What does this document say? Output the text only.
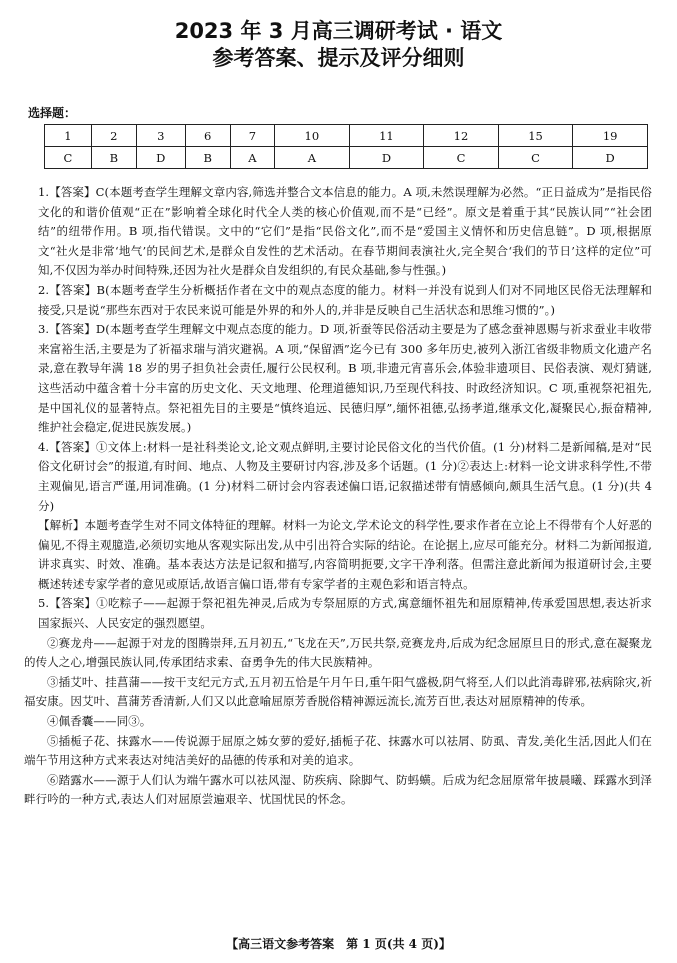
2023 年 3 月高三调研考试 · 语文
参考答案、提示及评分细则
选择题：
1	2	3	6	7	10	11	12	15	19
C	B	D	B	A	A	D	C	C	D

1.【答案】C(本题考查学生理解文章内容,筛选并整合文本信息的能力。A 项,未然误理解为必然。“正日益成为”是指民俗文化的和谐价值观“正在”影响着全球化时代全人类的核心价值观,而不是“已经”。原文是着重于其“民族认同”“社会团结”的纽带作用。B 项,指代错误。文中的“它们”是指“民俗文化”,而不是“爱国主义情怀和历史信息链”。D 项,根据原文“社火是非常‘地气’的民间艺术,是群众自发性的艺术活动。在春节期间表演社火,完全契合‘我们的节日’这样的定位”可知,不仅因为举办时间特殊,还因为社火是群众自发组织的,有民众基础,参与性强。)

2.【答案】B(本题考查学生分析概括作者在文中的观点态度的能力。材料一并没有说到人们对不同地区民俗无法理解和接受,只是说“那些东西对于农民来说可能是外界的和外人的,并非是反映自己生活状态和思维习惯的”。)

3.【答案】D(本题考查学生理解文中观点态度的能力。D 项,祈蚕等民俗活动主要是为了感念蚕神恩赐与祈求蚕业丰收带来富裕生活,主要是为了祈福求瑞与消灾避祸。A 项,“保留酒”迄今已有 300 多年历史,被列入浙江省级非物质文化遗产名录,意在教导年满 18 岁的男子担负社会责任,履行公民权利。B 项,非遗元宵喜乐会,体验非遗项目、民俗表演、观灯猜谜,这些活动中蕴含着十分丰富的历史文化、天文地理、伦理道德知识,乃至现代科技、时政经济知识。C 项,重视祭祀祖先,是中国礼仪的显著特点。祭祀祖先目的主要是“慎终追远、民德归厚”,缅怀祖德,弘扬孝道,继承文化,凝聚民心,振奋精神,维护社会稳定,促进民族发展。)

4.【答案】①文体上:材料一是社科类论文,论文观点鲜明,主要讨论民俗文化的当代价值。(1 分)材料二是新闻稿,是对“民俗文化研讨会”的报道,有时间、地点、人物及主要研讨内容,涉及多个话题。(1 分)②表达上:材料一论文讲求科学性,不带主观偏见,语言严谨,用词准确。(1 分)材料二研讨会内容表述偏口语,记叙描述带有情感倾向,颇具生活气息。(1 分)(共 4 分)

【解析】本题考查学生对不同文体特征的理解。材料一为论文,学术论文的科学性,要求作者在立论上不得带有个人好恶的偏见,不得主观臆造,必须切实地从客观实际出发,从中引出符合实际的结论。在论据上,应尽可能充分。材料二为新闻报道,讲求真实、时效、准确。基本表达方法是记叙和描写,内容简明扼要,文字干净利落。但需注意此新闻为报道研讨会,主要概述转述专家学者的意见或原话,故语言偏口语,带有专家学者的主观色彩和语言特点。

5.【答案】①吃粽子——起源于祭祀祖先神灵,后成为专祭屈原的方式,寓意缅怀祖先和屈原精神,传承爱国思想,表达祈求国家振兴、人民安定的强烈愿望。

②赛龙舟——起源于对龙的图腾崇拜,五月初五,“飞龙在天”,万民共祭,竞赛龙舟,后成为纪念屈原旦日的形式,意在凝聚龙的传人之心,增强民族认同,传承团结求索、奋勇争先的伟大民族精神。

③插艾叶、挂菖蒲——按干支纪元方式,五月初五恰是午月午日,重午阳气盛极,阴气将至,人们以此消毒辟邪,祛病除灾,祈福安康。因艾叶、菖蒲芳香清新,人们又以此意喻屈原芳香脱俗精神源远流长,流芳百世,表达对屈原精神的传承。

④佩香囊——同③。

⑤插栀子花、抹露水——传说源于屈原之姊女萝的爱好,插栀子花、抹露水可以祛屑、防虱、青发,美化生活,因此人们在端午节用这种方式来表达对纯洁美好的品德的传承和对美的追求。

⑥踏露水——源于人们认为端午露水可以祛风湿、防疾病、除脚气、防蚂蟥。后成为纪念屈原常年披晨曦、踩露水到泽畔行吟的一种方式,表达人们对屈原尝遍艰辛、忧国忧民的怀念。

【高三语文参考答案　第 1 页(共 4 页)】
